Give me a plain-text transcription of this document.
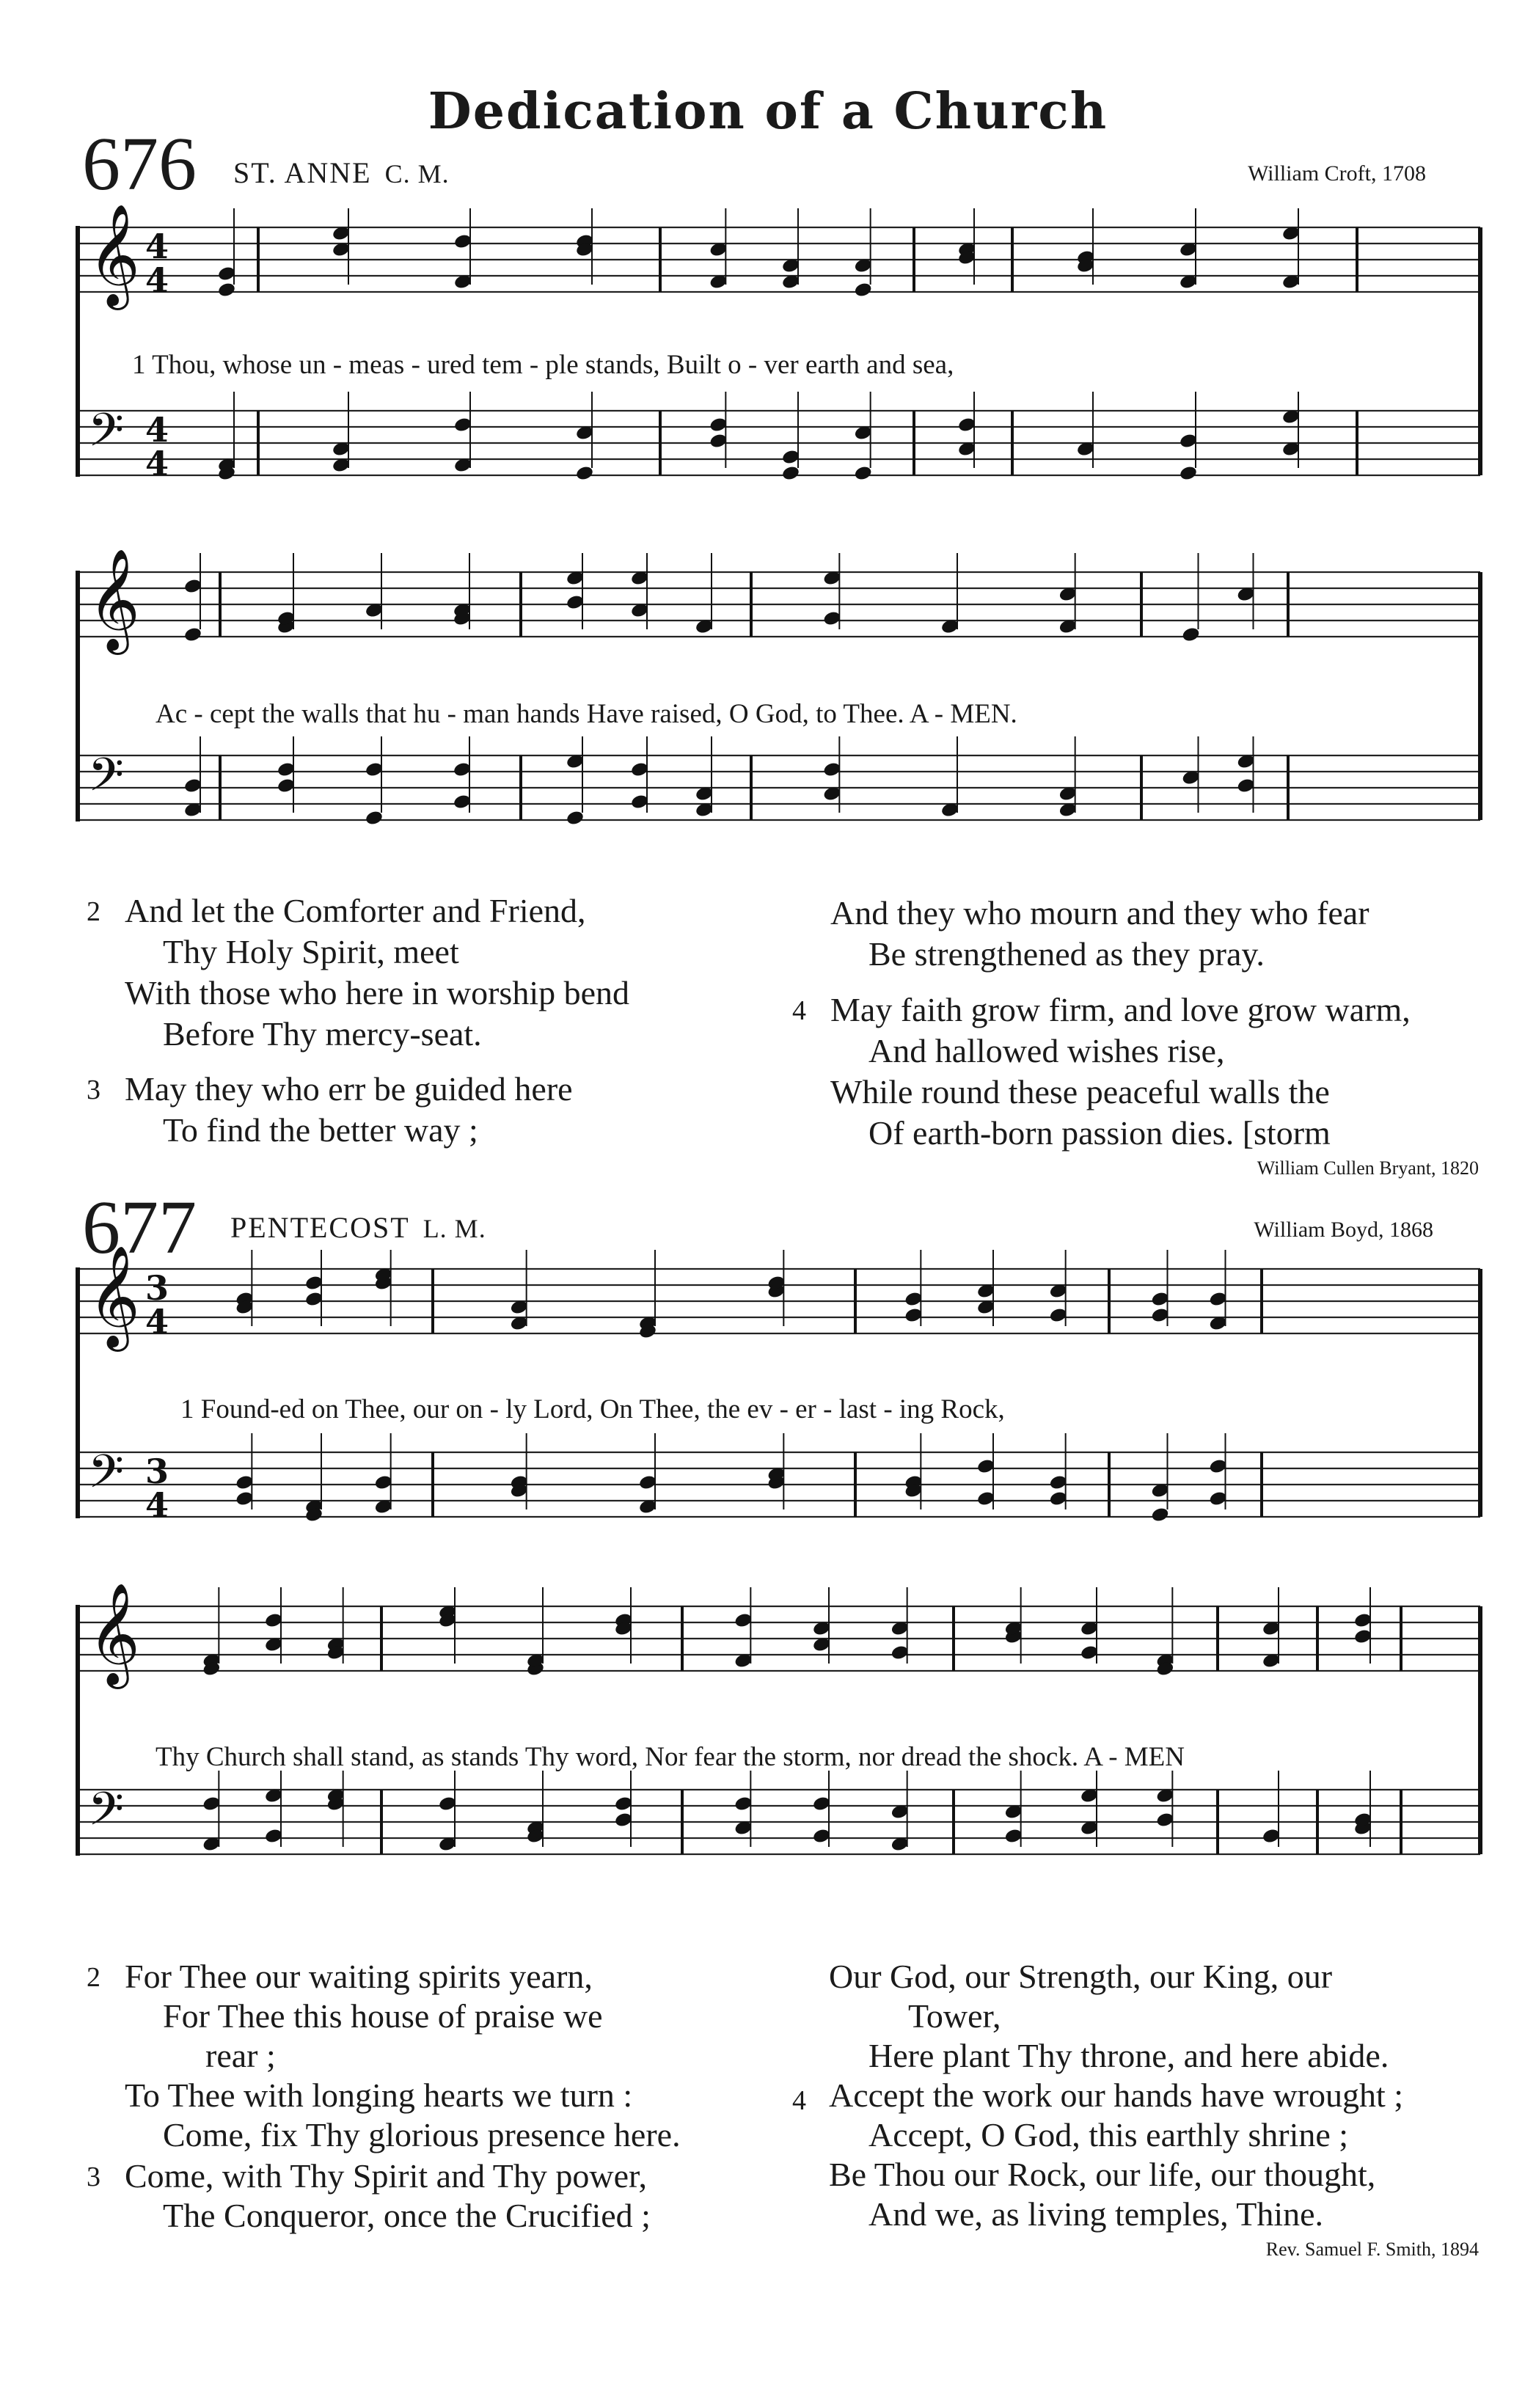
Dedication of a Church
676 ST. ANNE C. M.	William Croft, 1708
𝄞 4
4
𝄢 4
4
1 Thou, whose un - meas - ured tem - ple stands, Built o - ver earth and sea,
𝄞
𝄢
Ac - cept the walls that hu - man hands Have raised, O God, to Thee. A - MEN.
2 And let the Comforter and Friend,
Thy Holy Spirit, meet
With those who here in worship bend
Before Thy mercy-seat.
3 May they who err be guided here
To find the better way ;
And they who mourn and they who fear
Be strengthened as they pray.
4 May faith grow firm, and love grow warm,
And hallowed wishes rise,
While round these peaceful walls the
Of earth-born passion dies. [storm
William Cullen Bryant, 1820
677 PENTECOST L. M.	William Boyd, 1868
𝄞 3
4
𝄢 3
4
1 Found-ed on Thee, our on - ly Lord, On Thee, the ev - er - last - ing Rock,
𝄞
𝄢
Thy Church shall stand, as stands Thy word, Nor fear the storm, nor dread the shock. A - MEN
2 For Thee our waiting spirits yearn,
For Thee this house of praise we
rear ;
To Thee with longing hearts we turn :
Come, fix Thy glorious presence here.
3 Come, with Thy Spirit and Thy power,
The Conqueror, once the Crucified ;
Our God, our Strength, our King, our
Tower,
Here plant Thy throne, and here abide.
4 Accept the work our hands have wrought ;
Accept, O God, this earthly shrine ;
Be Thou our Rock, our life, our thought,
And we, as living temples, Thine.
Rev. Samuel F. Smith, 1894
